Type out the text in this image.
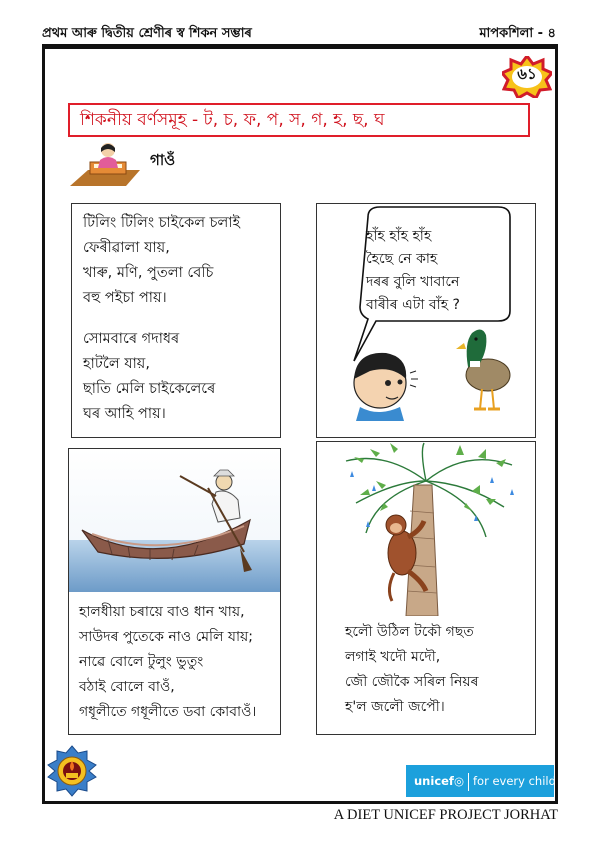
প্ৰথম আৰু দ্বিতীয় শ্ৰেণীৰ স্ব শিকন সম্ভাৰ	মাপকশিলা - ৪
৬১
শিকনীয় বৰ্ণসমূহ - ট, চ, ফ, প, স, গ, হ, ছ, ঘ
গাওঁ
টিলিং টিলিং চাইকেল চলাই
ফেৰীৱালা যায়,
খাৰু, মণি, পুতলা বেচি
বহু পইচা পায়।
সোমবাৰে গদাধৰ
হাটলৈ যায়,
ছাতি মেলি চাইকেলেৰে
ঘৰ আহি পায়।
হাঁহ হাঁহ হাঁহ
হৈছে নে কাহ
দৰৰ বুলি খাবানে
বাৰীৰ এটা বাঁহ ?
হালধীয়া চৰায়ে বাও ধান খায়,
সাউদৰ পুতেকে নাও মেলি যায়;
নাৱে বোলে টুলুং ভুতুং
বঠাই বোলে বাওঁ,
গধূলীতে গধূলীতে ডবা কোবাওঁ।
হলৌ উঠিল টকৌ গছত
লগাই খদৌ মদৌ,
জৌ জৌকৈ সৰিল নিয়ৰ
হ'ল জলৌ জপৌ।
unicef◎ for every child
A DIET UNICEF PROJECT JORHAT
